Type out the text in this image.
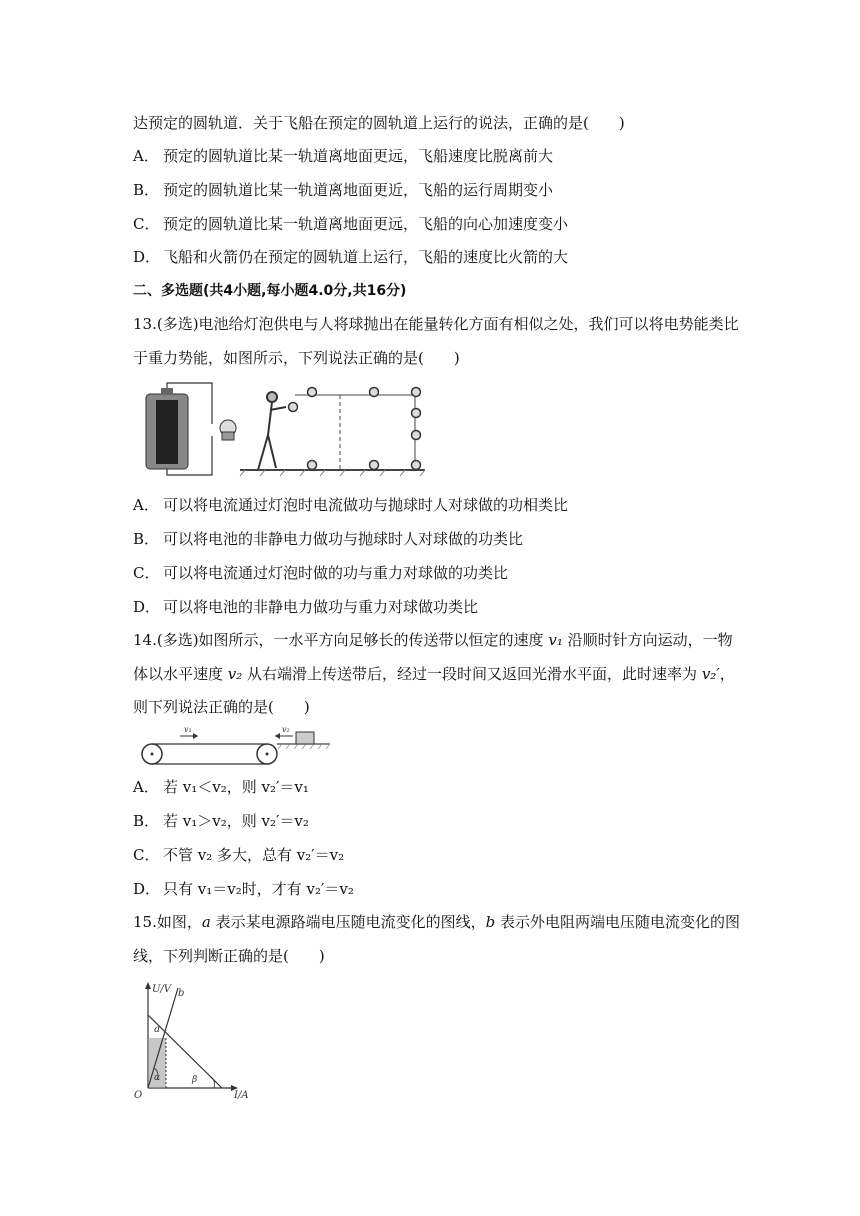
达预定的圆轨道．关于飞船在预定的圆轨道上运行的说法，正确的是(　　)
A． 预定的圆轨道比某一轨道离地面更远，飞船速度比脱离前大
B． 预定的圆轨道比某一轨道离地面更近，飞船的运行周期变小
C． 预定的圆轨道比某一轨道离地面更远，飞船的向心加速度变小
D． 飞船和火箭仍在预定的圆轨道上运行，飞船的速度比火箭的大
二、多选题(共4小题,每小题4.0分,共16分)
13.(多选)电池给灯泡供电与人将球抛出在能量转化方面有相似之处，我们可以将电势能类比
于重力势能，如图所示，下列说法正确的是(　　)
A． 可以将电流通过灯泡时电流做功与抛球时人对球做的功相类比
B． 可以将电池的非静电力做功与抛球时人对球做的功类比
C． 可以将电流通过灯泡时做的功与重力对球做的功类比
D． 可以将电池的非静电力做功与重力对球做功类比
14.(多选)如图所示，一水平方向足够长的传送带以恒定的速度 v₁ 沿顺时针方向运动，一物
体以水平速度 v₂ 从右端滑上传送带后，经过一段时间又返回光滑水平面，此时速率为 v₂′，
则下列说法正确的是(　　)
v₁	v₂
A． 若 v₁＜v₂，则 v₂′＝v₁
B． 若 v₁＞v₂，则 v₂′＝v₂
C． 不管 v₂ 多大，总有 v₂′＝v₂
D． 只有 v₁＝v₂时，才有 v₂′＝v₂
15.如图，a 表示某电源路端电压随电流变化的图线，b 表示外电阻两端电压随电流变化的图
线，下列判断正确的是(　　)
U/V
I/A
O
a
b
α	β
